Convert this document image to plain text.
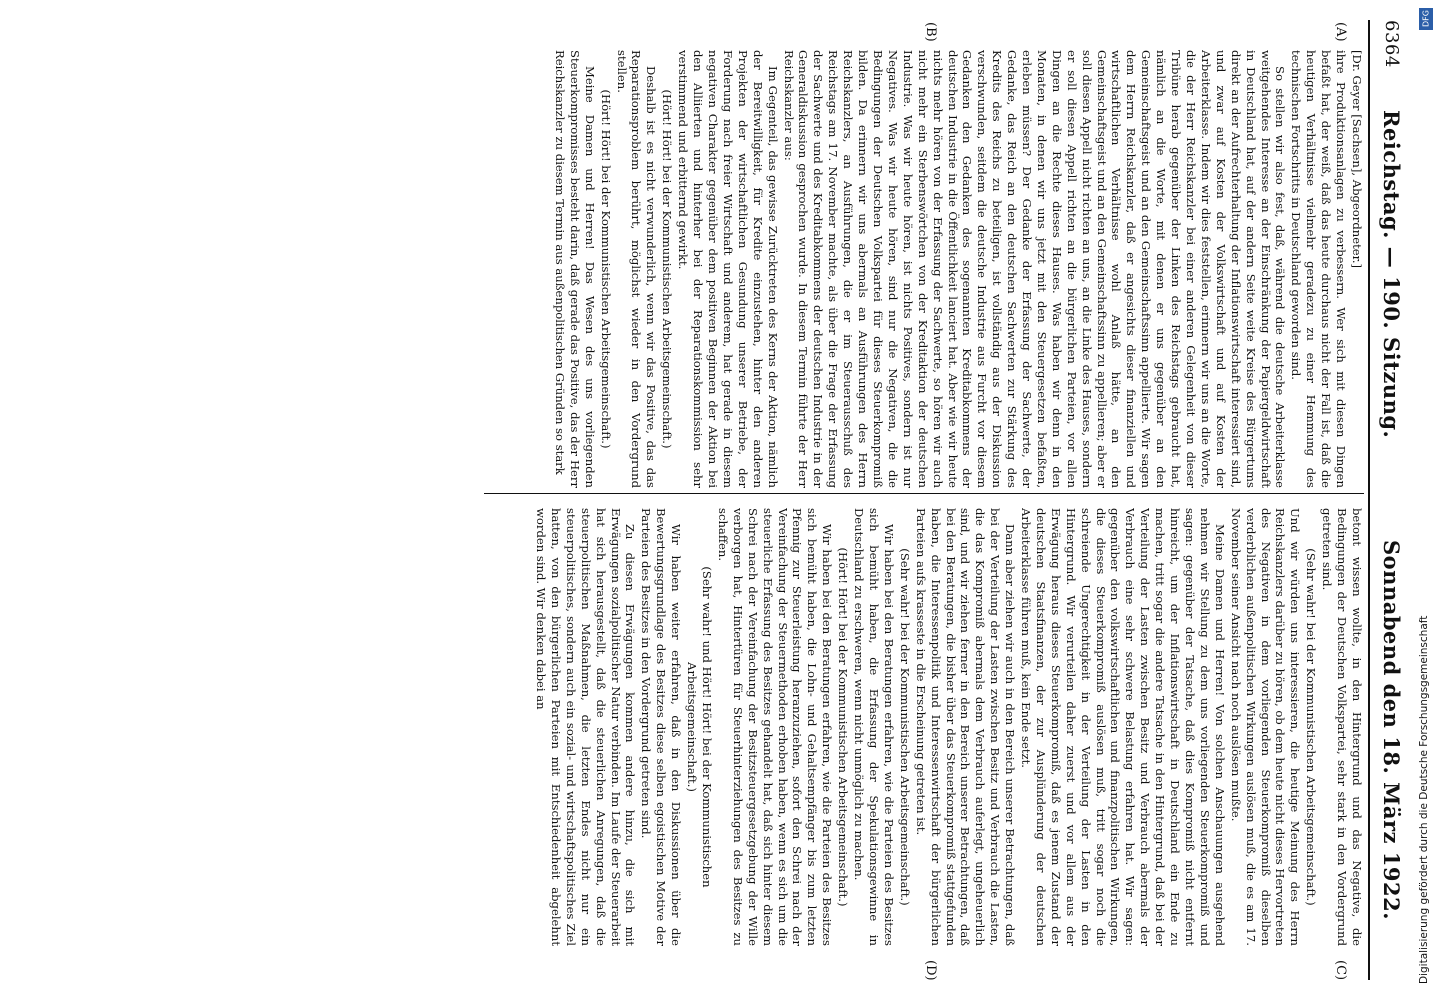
6364
Reichstag. — 190. Sitzung.
Sonnabend den 18. März 1922.
(A)
(B)
(C)
(D)

[Dr. Geyer [Sachsen], Abgeordneter.]

ihre Produktionsanlagen zu verbessern. Wer sich mit diesen Dingen befaßt hat, der weiß, daß das heute durchaus nicht der Fall ist, daß die heutigen Verhältnisse vielmehr geradezu zu einer Hemmung des technischen Fortschritts in Deutschland geworden sind.

So stellen wir also fest, daß, während die deutsche Arbeiterklasse weitgehendes Interesse an der Einschränkung der Papiergeldwirtschaft in Deutschland hat, auf der andern Seite weite Kreise des Bürgertums direkt an der Aufrechterhaltung der Inflationswirtschaft interessiert sind, und zwar auf Kosten der Volkswirtschaft und auf Kosten der Arbeiterklasse. Indem wir dies feststellen, erinnern wir uns an die Worte, die der Herr Reichskanzler bei einer anderen Gelegenheit von dieser Tribüne herab gegenüber der Linken des Reichstags gebraucht hat, nämlich an die Worte, mit denen er uns gegenüber an den Gemeinschaftsgeist und an den Gemeinschaftssinn appellierte. Wir sagen dem Herrn Reichskanzler, daß er angesichts dieser finanziellen und wirtschaftlichen Verhältnisse wohl Anlaß hätte, an den Gemeinschaftsgeist und an den Gemeinschaftssinn zu appellieren; aber er soll diesen Appell nicht richten an uns, an die Linke des Hauses, sondern er soll diesen Appell richten an die bürgerlichen Parteien, vor allen Dingen an die Rechte dieses Hauses. Was haben wir denn in den Monaten, in denen wir uns jetzt mit den Steuergesetzen befaßten, erleben müssen? Der Gedanke der Erfassung der Sachwerte, der Gedanke, das Reich an den deutschen Sachwerten zur Stärkung des Kredits des Reichs zu beteiligen, ist vollständig aus der Diskussion verschwunden, seitdem die deutsche Industrie aus Furcht vor diesem Gedanken den Gedanken des sogenannten Kreditabkommens der deutschen Industrie in die Öffentlichkeit lanciert hat. Aber wie wir heute nichts mehr hören von der Erfassung der Sachwerte, so hören wir auch nicht mehr ein Sterbenswörtchen von der Kreditaktion der deutschen Industrie. Was wir heute hören, ist nichts Positives, sondern ist nur Negatives. Was wir heute hören, sind nur die Negativen, die die Bedingungen der Deutschen Volkspartei für dieses Steuerkompromiß bilden. Da erinnern wir uns abermals an Ausführungen des Herrn Reichskanzlers, an Ausführungen, die er im Steuerausschuß des Reichstags am 17. November machte, als über die Frage der Erfassung der Sachwerte und des Kreditabkommens der deutschen Industrie in der Generaldiskussion gesprochen wurde. In diesem Termin führte der Herr Reichskanzler aus:

Im Gegenteil, das gewisse Zurücktreten des Kerns der Aktion, nämlich der Bereitwilligkeit, für Kredite einzustehen, hinter den anderen Projekten der wirtschaftlichen Gesundung unserer Betriebe, der Forderung nach freier Wirtschaft und anderem, hat gerade in diesem negativen Charakter gegenüber dem positiven Beginnen der Aktion bei den Alliierten und hinterher bei der Reparationskommission sehr verstimmend und erbitternd gewirkt.

(Hört! Hört! bei der Kommunistischen Arbeitsgemeinschaft.)

Deshalb ist es nicht verwunderlich, wenn wir das Positive, das das Reparationsproblem berührt, möglichst wieder in den Vordergrund stellen.

(Hört! Hört! bei der Kommunistischen Arbeitsgemeinschaft.)

Meine Damen und Herren! Das Wesen des uns vorliegenden Steuerkompromisses besteht darin, daß gerade das Positive, das der Herr Reichskanzler zu diesem Termin aus außenpolitischen Gründen so stark

betont wissen wollte, in den Hintergrund und das Negative, die Bedingungen der Deutschen Volkspartei, sehr stark in den Vordergrund getreten sind.

(Sehr wahr! bei der Kommunistischen Arbeitsgemeinschaft.)

Und wir würden uns interessieren, die heutige Meinung des Herrn Reichskanzlers darüber zu hören, ob dem heute nicht dieses Hervortreten des Negativen in dem vorliegenden Steuerkompromiß dieselben verderblichen außenpolitischen Wirkungen auslösen muß, die es am 17. November seiner Ansicht nach noch auslösen mußte.

Meine Damen und Herren! Von solchen Anschauungen ausgehend nehmen wir Stellung zu dem uns vorliegenden Steuerkompromiß und sagen: gegenüber der Tatsache, daß dies Kompromiß nicht entfernt hinreicht, um der Inflationswirtschaft in Deutschland ein Ende zu machen, tritt sogar die andere Tatsache in den Hintergrund, daß bei der Verteilung der Lasten zwischen Besitz und Verbrauch abermals der Verbrauch eine sehr schwere Belastung erfahren hat. Wir sagen: gegenüber den volkswirtschaftlichen und finanzpolitischen Wirkungen, die dieses Steuerkompromiß auslösen muß, tritt sogar noch die schreiende Ungerechtigkeit in der Verteilung der Lasten in den Hintergrund. Wir verurteilen daher zuerst und vor allem aus der Erwägung heraus dieses Steuerkompromiß, daß es jenem Zustand der deutschen Staatsfinanzen, der zur Ausplünderung der deutschen Arbeiterklasse führen muß, kein Ende setzt.

Dann aber ziehen wir auch in den Bereich unserer Betrachtungen, daß bei der Verteilung der Lasten zwischen Besitz und Verbrauch die Lasten, die das Kompromiß abermals dem Verbrauch auferlegt, ungeheuerlich sind, und wir ziehen ferner in den Bereich unserer Betrachtungen, daß bei den Beratungen, die bisher über das Steuerkompromiß stattgefunden haben, die Interessenpolitik und Interessenwirtschaft der bürgerlichen Parteien aufs krasseste in die Erscheinung getreten ist.

(Sehr wahr! bei der Kommunistischen Arbeitsgemeinschaft.)

Wir haben bei den Beratungen erfahren, wie die Parteien des Besitzes sich bemüht haben, die Erfassung der Spekulationsgewinne in Deutschland zu erschweren, wenn nicht unmöglich zu machen.

(Hört! Hört! bei der Kommunistischen Arbeitsgemeinschaft.)

Wir haben bei den Beratungen erfahren, wie die Parteien des Besitzes sich bemüht haben, die Lohn- und Gehaltsempfänger bis zum letzten Pfennig zur Steuerleistung heranzuziehen, sofort den Schrei nach der Vereinfachung der Steuermethoden erhoben haben, wenn es sich um die steuerliche Erfassung des Besitzes gehandelt hat, daß sich hinter diesem Schrei nach der Vereinfachung der Besitzsteuergesetzgebung der Wille verborgen hat, Hintertüren für Steuerhinterziehungen des Besitzes zu schaffen.

(Sehr wahr! und Hört! Hört! bei der Kommunistischen Arbeitsgemeinschaft.)

Wir haben weiter erfahren, daß in den Diskussionen über die Bewertungsgrundlage des Besitzes diese selben egoistischen Motive der Parteien des Besitzes in den Vordergrund getreten sind.

Zu diesen Erwägungen kommen andere hinzu, die sich mit Erwägungen sozialpolitischer Natur verbinden. Im Laufe der Steuerarbeit hat sich herausgestellt, daß die steuerlichen Anregungen, daß die steuerpolitischen Maßnahmen, die letzten Endes nicht nur ein steuerpolitisches, sondern auch ein sozial- und wirtschaftspolitisches Ziel hatten, von den bürgerlichen Parteien mit Entschiedenheit abgelehnt worden sind. Wir denken dabei an

DFG
Digitalisierung gefördert durch die Deutsche Forschungsgemeinschaft
